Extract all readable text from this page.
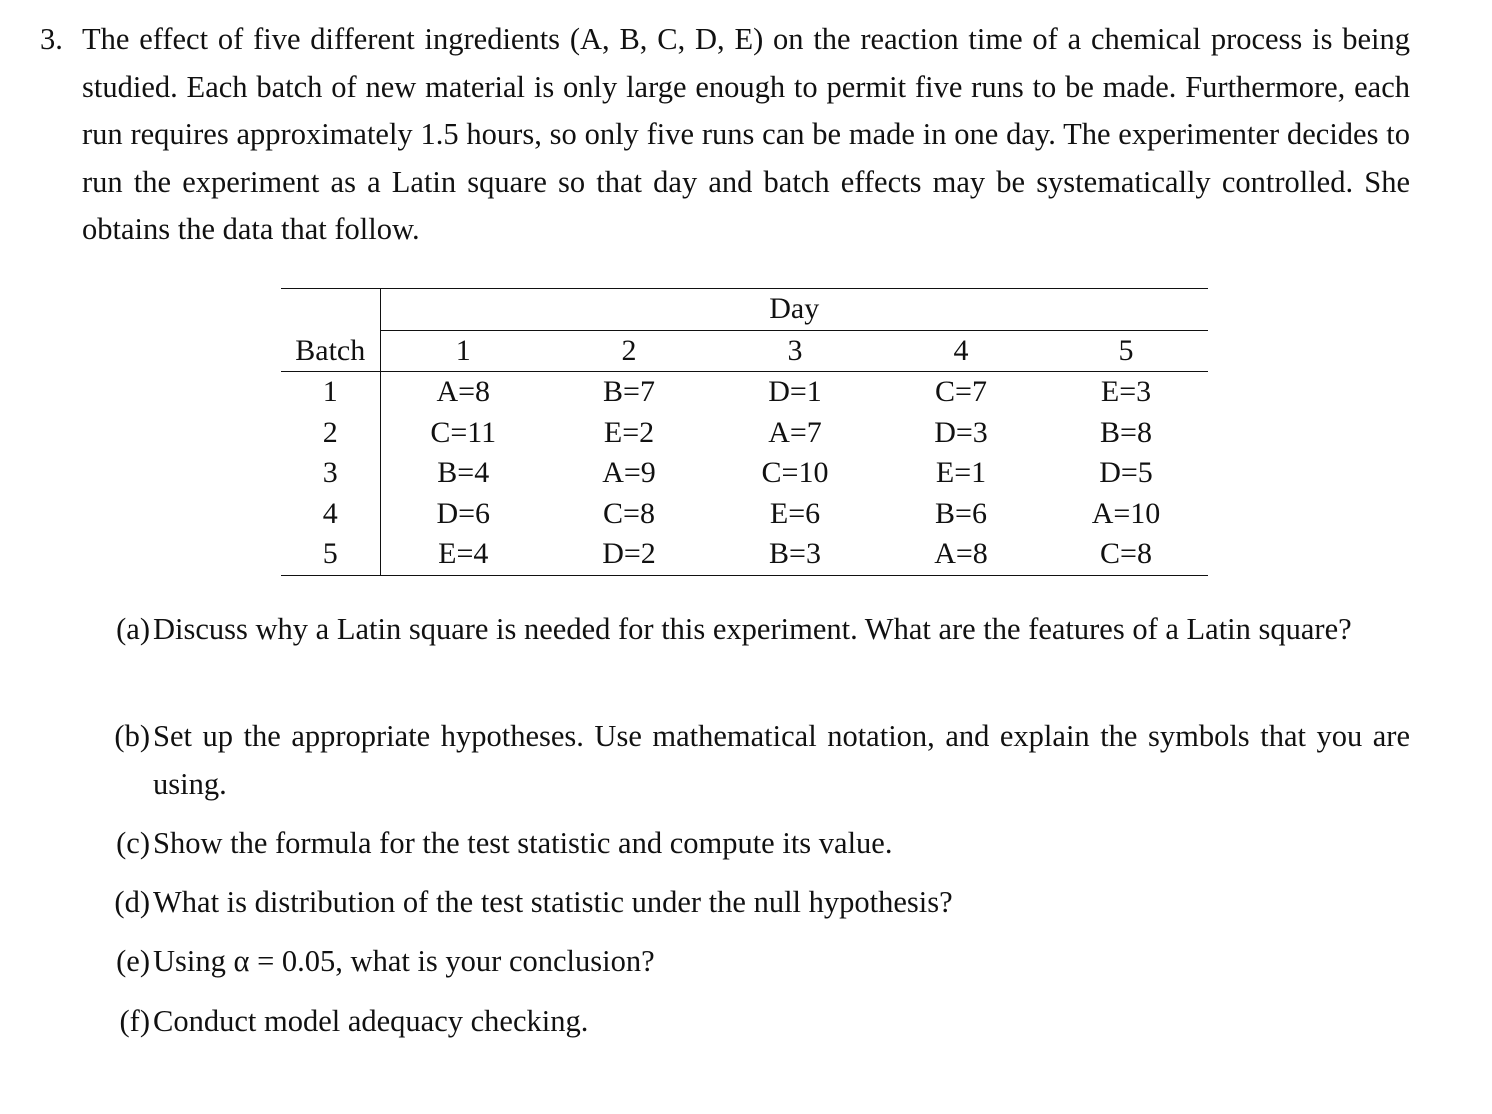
3. The effect of five different ingredients (A, B, C, D, E) on the reaction time of a chemical process is being studied. Each batch of new material is only large enough to permit five runs to be made. Furthermore, each run requires approximately 1.5 hours, so only five runs can be made in one day. The experimenter decides to run the experiment as a Latin square so that day and batch effects may be systematically controlled. She obtains the data that follow.
	Day				
Batch	1	2	3	4	5
1	A=8	B=7	D=1	C=7	E=3
2	C=11	E=2	A=7	D=3	B=8
3	B=4	A=9	C=10	E=1	D=5
4	D=6	C=8	E=6	B=6	A=10
5	E=4	D=2	B=3	A=8	C=8
(a) Discuss why a Latin square is needed for this experiment. What are the features of a Latin square?
(b) Set up the appropriate hypotheses. Use mathematical notation, and explain the symbols that you are using.
(c) Show the formula for the test statistic and compute its value.
(d) What is distribution of the test statistic under the null hypothesis?
(e) Using α = 0.05, what is your conclusion?
(f) Conduct model adequacy checking.
